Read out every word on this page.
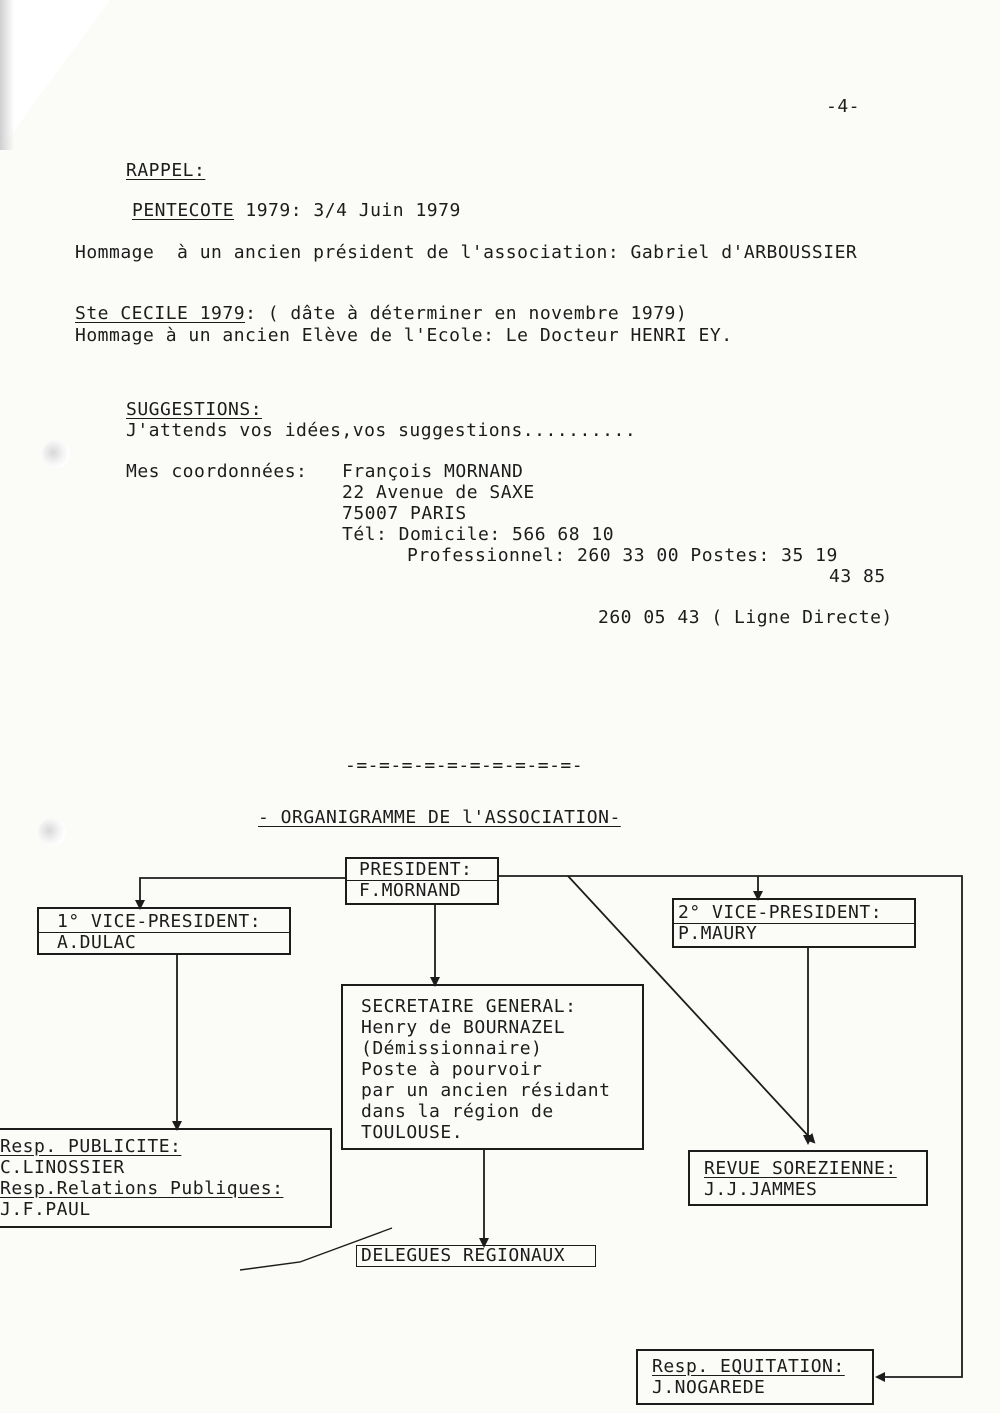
-4-
RAPPEL:
PENTECOTE 1979: 3/4 Juin 1979
Hommage  à un ancien président de l'association: Gabriel d'ARBOUSSIER
Ste CECILE 1979: ( dâte à déterminer en novembre 1979)
Hommage à un ancien Elève de l'Ecole: Le Docteur HENRI EY.
SUGGESTIONS:
J'attends vos idées,vos suggestions..........
Mes coordonnées: François MORNAND
22 Avenue de SAXE
75007 PARIS
Tél: Domicile: 566 68 10
Professionnel: 260 33 00 Postes: 35 19
43 85
260 05 43 ( Ligne Directe)
-=-=-=-=-=-=-=-=-=-=-
- ORGANIGRAMME DE l'ASSOCIATION-
PRESIDENT:
F.MORNAND
1° VICE-PRESIDENT:
A.DULAC
2° VICE-PRESIDENT:
P.MAURY
SECRETAIRE GENERAL:
Henry de BOURNAZEL
(Démissionnaire)
Poste à pourvoir
par un ancien résidant
dans la région de
TOULOUSE.
Resp. PUBLICITE:
C.LINOSSIER
Resp.Relations Publiques:
J.F.PAUL
REVUE SOREZIENNE:
J.J.JAMMES
DELEGUES REGIONAUX
Resp. EQUITATION:
J.NOGAREDE
